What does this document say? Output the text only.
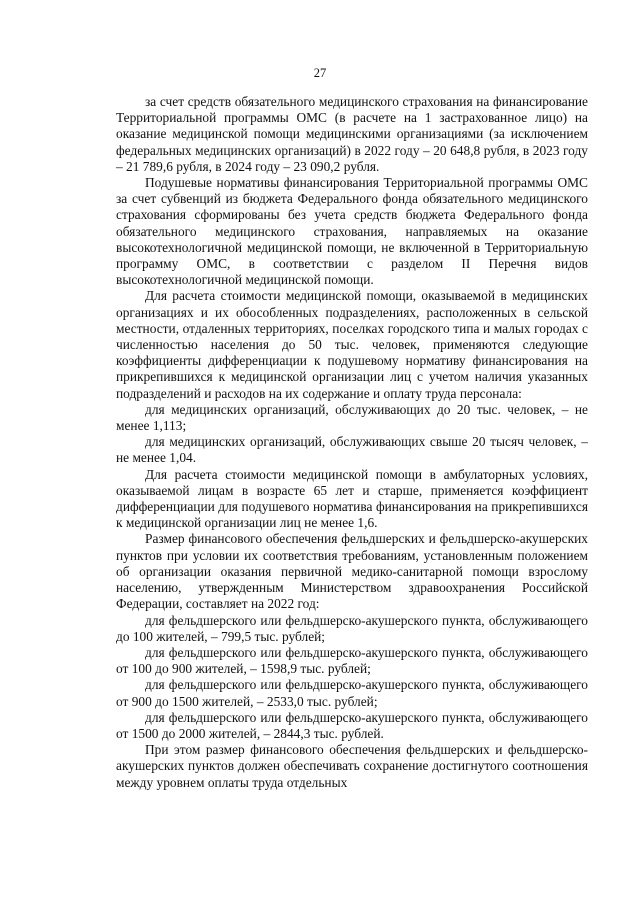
27

за счет средств обязательного медицинского страхования на финансирование Территориальной программы ОМС (в расчете на 1 застрахованное лицо) на оказание медицинской помощи медицинскими организациями (за исключением федеральных медицинских организаций) в 2022 году – 20 648,8 рубля, в 2023 году – 21 789,6 рубля, в 2024 году – 23 090,2 рубля.

Подушевые нормативы финансирования Территориальной программы ОМС за счет субвенций из бюджета Федерального фонда обязательного медицинского страхования сформированы без учета средств бюджета Федерального фонда обязательного медицинского страхования, направляемых на оказание высокотехнологичной медицинской помощи, не включенной в Территориальную программу ОМС, в соответствии с разделом II Перечня видов высокотехнологичной медицинской помощи.

Для расчета стоимости медицинской помощи, оказываемой в медицинских организациях и их обособленных подразделениях, расположенных в сельской местности, отдаленных территориях, поселках городского типа и малых городах с численностью населения до 50 тыс. человек, применяются следующие коэффициенты дифференциации к подушевому нормативу финансирования на прикрепившихся к медицинской организации лиц с учетом наличия указанных подразделений и расходов на их содержание и оплату труда персонала:

для медицинских организаций, обслуживающих до 20 тыс. человек, – не менее 1,113;

для медицинских организаций, обслуживающих свыше 20 тысяч человек, – не менее 1,04.

Для расчета стоимости медицинской помощи в амбулаторных условиях, оказываемой лицам в возрасте 65 лет и старше, применяется коэффициент дифференциации для подушевого норматива финансирования на прикрепившихся к медицинской организации лиц не менее 1,6.

Размер финансового обеспечения фельдшерских и фельдшерско-акушерских пунктов при условии их соответствия требованиям, установленным положением об организации оказания первичной медико-санитарной помощи взрослому населению, утвержденным Министерством здравоохранения Российской Федерации, составляет на 2022 год:

для фельдшерского или фельдшерско-акушерского пункта, обслуживающего до 100 жителей, – 799,5 тыс. рублей;

для фельдшерского или фельдшерско-акушерского пункта, обслуживающего от 100 до 900 жителей, – 1598,9 тыс. рублей;

для фельдшерского или фельдшерско-акушерского пункта, обслуживающего от 900 до 1500 жителей, – 2533,0 тыс. рублей;

для фельдшерского или фельдшерско-акушерского пункта, обслуживающего от 1500 до 2000 жителей, – 2844,3 тыс. рублей.

При этом размер финансового обеспечения фельдшерских и фельдшерско-акушерских пунктов должен обеспечивать сохранение достигнутого соотношения между уровнем оплаты труда отдельных
